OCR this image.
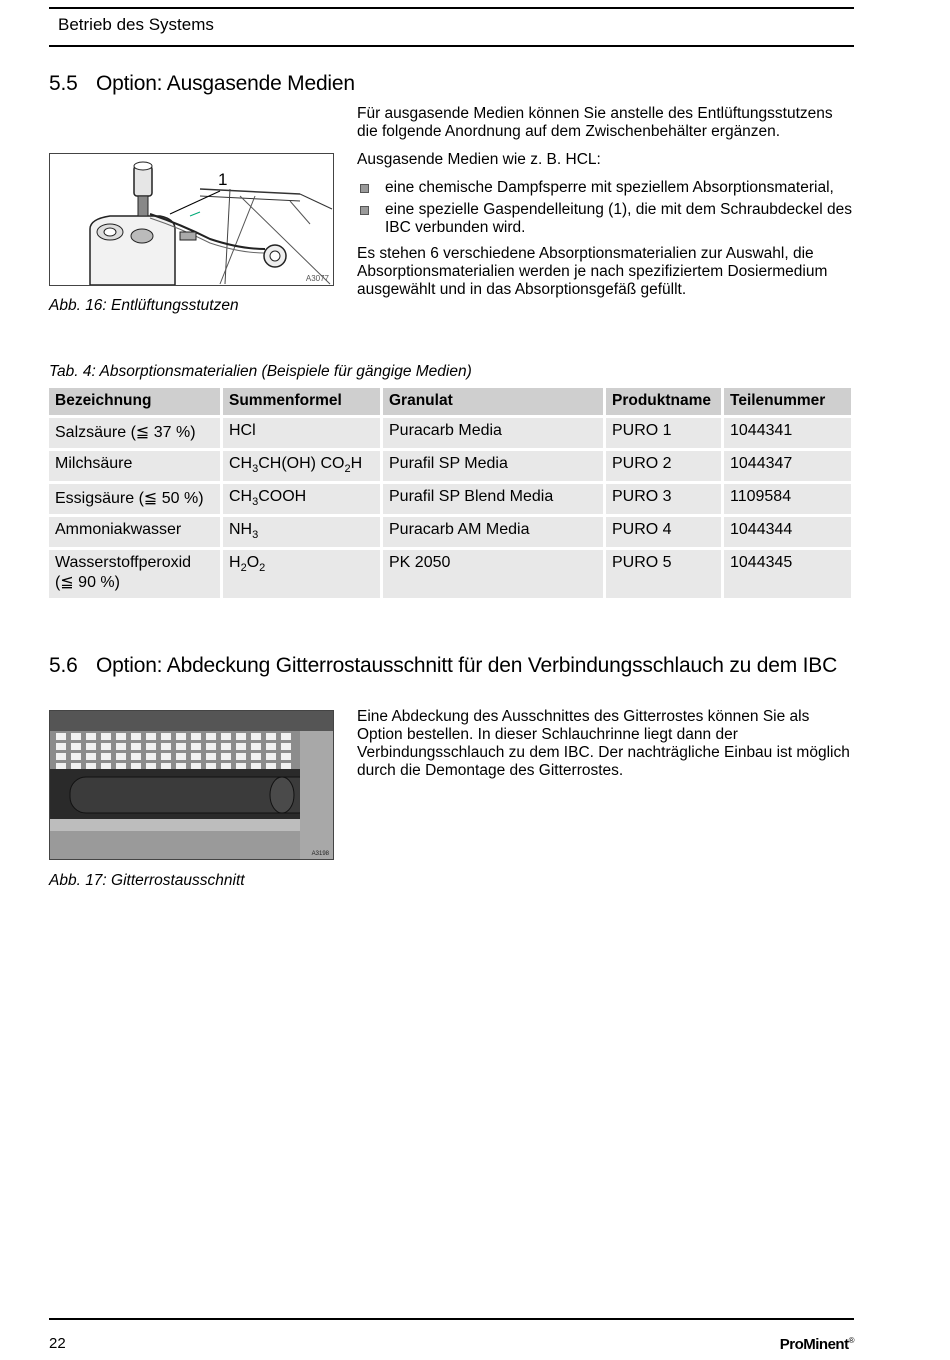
Betrieb des Systems
5.5 Option: Ausgasende Medien
1
A3077
Abb. 16: Entlüftungsstutzen

Für ausgasende Medien können Sie anstelle des Entlüftungsstutzens die folgende Anordnung auf dem Zwischenbehälter ergänzen.

Ausgasende Medien wie z. B. HCL:

eine chemische Dampfsperre mit speziellem Absorptionsmaterial,
eine spezielle Gaspendelleitung (1), die mit dem Schraubdeckel des IBC verbunden wird.

Es stehen 6 verschiedene Absorptionsmaterialien zur Auswahl, die Absorptionsmaterialien werden je nach spezifiziertem Dosiermedium ausgewählt und in das Absorptionsgefäß gefüllt.

Tab. 4: Absorptionsmaterialien (Beispiele für gängige Medien)
Bezeichnung	Summenformel	Granulat	Produktname	Teilenummer
Salzsäure (≦ 37 %)	HCl	Puracarb Media	PURO 1	1044341
Milchsäure	$CH_3CH(OH)$ $CO_2H$	Purafil SP Media	PURO 2	1044347
Essigsäure (≦ 50 %)	$CH_3COOH$	Purafil SP Blend Media	PURO 3	1109584
Ammoniakwasser	$NH_3$	Puracarb AM Media	PURO 4	1044344
Wasserstoffperoxid (≦ 90 %)	$H_2O_2$	PK 2050	PURO 5	1044345
5.6 Option: Abdeckung Gitterrostausschnitt für den Verbindungsschlauch zu dem IBC
A3198
Abb. 17: Gitterrostausschnitt

Eine Abdeckung des Ausschnittes des Gitterrostes können Sie als Option bestellen. In dieser Schlauchrinne liegt dann der Verbindungsschlauch zu dem IBC. Der nachträgliche Einbau ist möglich durch die Demontage des Gitterrostes.

22	ProMinent®
